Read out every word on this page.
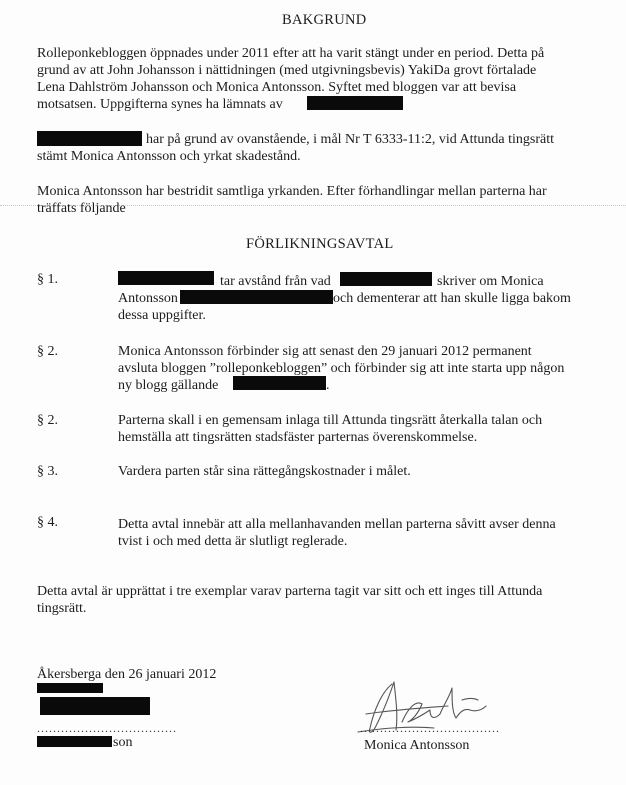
BAKGRUND
Rolleponkebloggen öppnades under 2011 efter att ha varit stängt under en period. Detta på
grund av att John Johansson i nättidningen (med utgivningsbevis) YakiDa grovt förtalade
Lena Dahlström Johansson och Monica Antonsson. Syftet med bloggen var att bevisa
motsatsen. Uppgifterna synes ha lämnats av
har på grund av ovanstående, i mål Nr T 6333-11:2, vid Attunda tingsrätt
stämt Monica Antonsson och yrkat skadestånd.
Monica Antonsson har bestridit samtliga yrkanden. Efter förhandlingar mellan parterna har
träffats följande
FÖRLIKNINGSAVTAL
§ 1.	tar avstånd från vad	skriver om Monica
Antonsson	och dementerar att han skulle ligga bakom
dessa uppgifter.
§ 2.	Monica Antonsson förbinder sig att senast den 29 januari 2012 permanent
avsluta bloggen ”rolleponkebloggen” och förbinder sig att inte starta upp någon
ny blogg gällande	.
§ 2.	Parterna skall i en gemensam inlaga till Attunda tingsrätt återkalla talan och
hemställa att tingsrätten stadsfäster parternas överenskommelse.
§ 3.	Vardera parten står sina rättegångskostnader i målet.
§ 4.	Detta avtal innebär att alla mellanhavanden mellan parterna såvitt avser denna
tvist i och med detta är slutligt reglerade.
Detta avtal är upprättat i tre exemplar varav parterna tagit var sitt och ett inges till Attunda
tingsrätt.
Åkersberga den 26 januari 2012
...................................
son
...................................
Monica Antonsson
